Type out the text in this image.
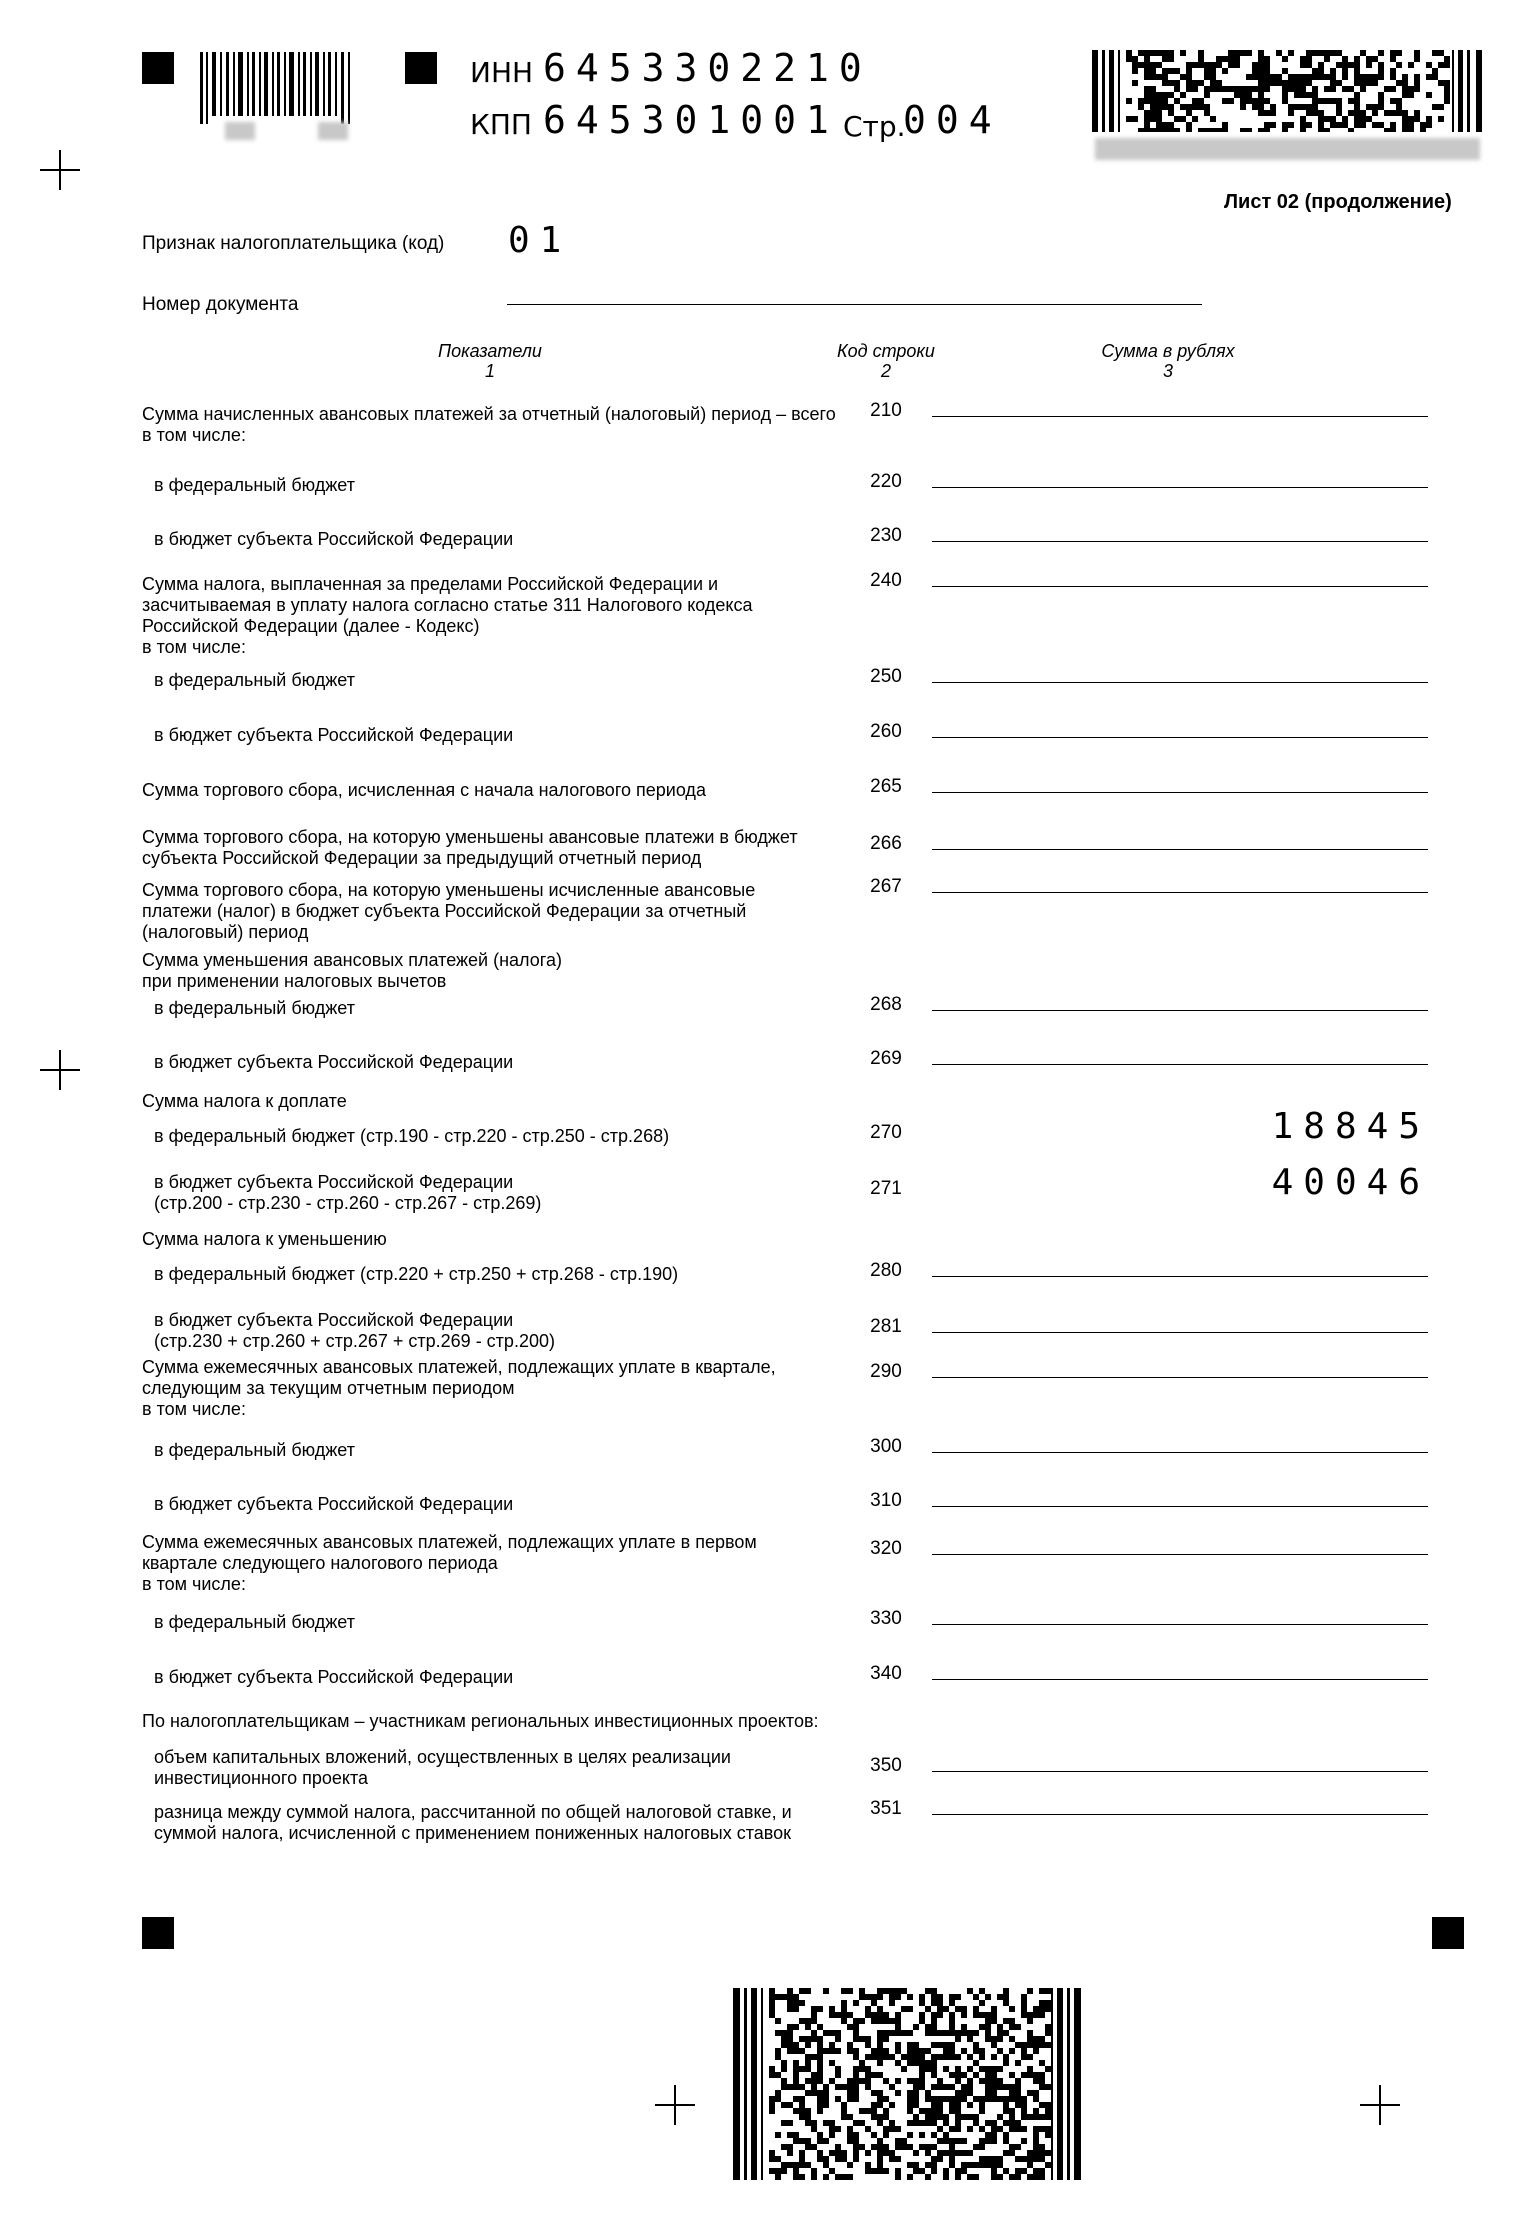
ИНН 6453302210
КПП 645301001 Стр.
004
Лист 02 (продолжение)
Признак налогоплательщика (код) 01
Номер документа
Показатели
1
Код строки
2
Сумма в рублях
3
Сумма начисленных авансовых платежей за отчетный (налоговый) период – всего
в том числе:
210
в федеральный бюджет	220
в бюджет субъекта Российской Федерации	230
Сумма налога, выплаченная за пределами Российской Федерации и
засчитываемая в уплату налога согласно статье 311 Налогового кодекса
Российской Федерации (далее - Кодекс)
в том числе:
240
в федеральный бюджет	250
в бюджет субъекта Российской Федерации	260
Сумма торгового сбора, исчисленная с начала налогового периода	265
Сумма торгового сбора, на которую уменьшены авансовые платежи в бюджет
субъекта Российской Федерации за предыдущий отчетный период
266
Сумма торгового сбора, на которую уменьшены исчисленные авансовые
платежи (налог) в бюджет субъекта Российской Федерации за отчетный
(налоговый) период
267
Сумма уменьшения авансовых платежей (налога)
при применении налоговых вычетов
в федеральный бюджет	268
в бюджет субъекта Российской Федерации	269
Сумма налога к доплате
в федеральный бюджет (стр.190 - стр.220 - стр.250 - стр.268)	270	18845
в бюджет субъекта Российской Федерации
(стр.200 - стр.230 - стр.260 - стр.267 - стр.269)
271	40046
Сумма налога к уменьшению
в федеральный бюджет (стр.220 + стр.250 + стр.268 - стр.190)	280
в бюджет субъекта Российской Федерации
(стр.230 + стр.260 + стр.267 + стр.269 - стр.200)
281
Сумма ежемесячных авансовых платежей, подлежащих уплате в квартале,
следующим за текущим отчетным периодом
в том числе:
290
в федеральный бюджет	300
в бюджет субъекта Российской Федерации	310
Сумма ежемесячных авансовых платежей, подлежащих уплате в первом
квартале следующего налогового периода
в том числе:
320
в федеральный бюджет	330
в бюджет субъекта Российской Федерации	340
По налогоплательщикам – участникам региональных инвестиционных проектов:
объем капитальных вложений, осуществленных в целях реализации
инвестиционного проекта
350
разница между суммой налога, рассчитанной по общей налоговой ставке, и
суммой налога, исчисленной с применением пониженных налоговых ставок
351
